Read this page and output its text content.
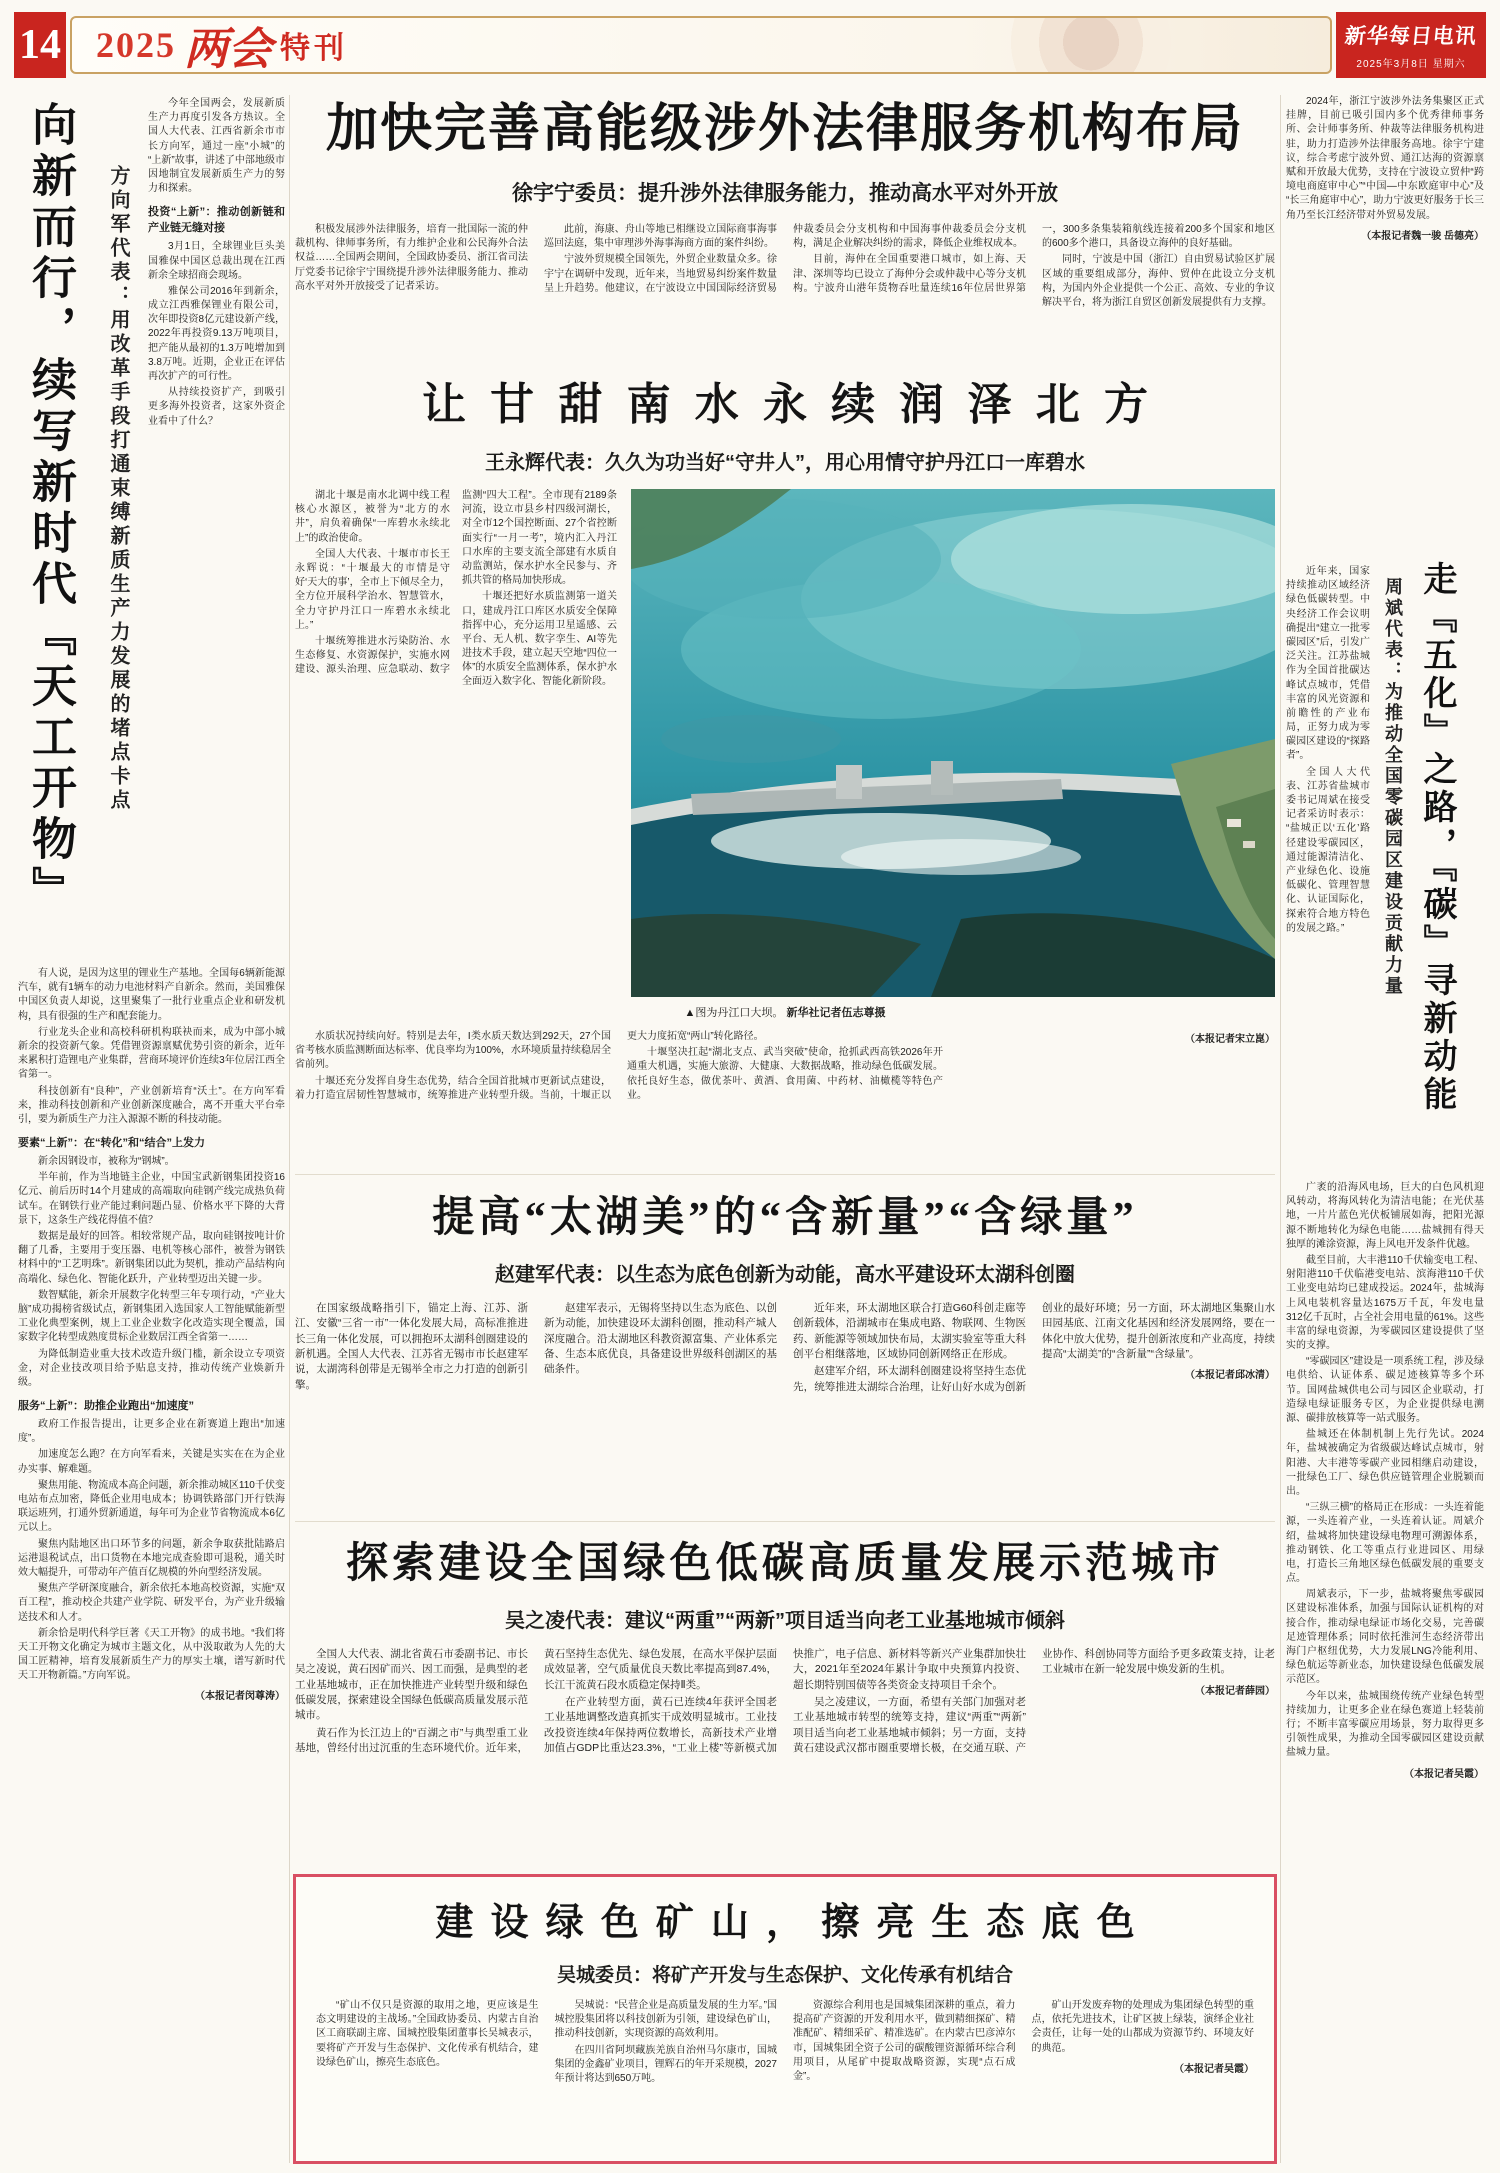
14 2025 两会 特刊	新华每日电讯
2025年3月8日 星期六
向新而行，续写新时代『天工开物』	方向军代表：用改革手段打通束缚新质生产力发展的堵点卡点

今年全国两会，发展新质生产力再度引发各方热议。全国人大代表、江西省新余市市长方向军，通过一座“小城”的“上新”故事，讲述了中部地级市因地制宜发展新质生产力的努力和探索。

投资“上新”：推动创新链和产业链无缝对接

3月1日，全球锂业巨头美国雅保中国区总裁出现在江西新余全球招商会现场。

雅保公司2016年到新余，成立江西雅保锂业有限公司，次年即投资8亿元建设新产线，2022年再投资9.13万吨项目，把产能从最初的1.3万吨增加到3.8万吨。近期，企业正在评估再次扩产的可行性。

从持续投资扩产，到吸引更多海外投资者，这家外资企业看中了什么？

有人说，是因为这里的锂业生产基地。全国每6辆新能源汽车，就有1辆车的动力电池材料产自新余。然而，美国雅保中国区负责人却说，这里聚集了一批行业重点企业和研发机构，具有很强的生产和配套能力。

行业龙头企业和高校科研机构联袂而来，成为中部小城新余的投资新气象。凭借锂资源禀赋优势引资的新余，近年来累积打造锂电产业集群，营商环境评价连续3年位居江西全省第一。

科技创新有“良种”，产业创新培育“沃土”。在方向军看来，推动科技创新和产业创新深度融合，离不开重大平台牵引，要为新质生产力注入源源不断的科技动能。

要素“上新”：在“转化”和“结合”上发力

新余因钢设市，被称为“钢城”。

半年前，作为当地链主企业，中国宝武新钢集团投资16亿元、前后历时14个月建成的高端取向硅钢产线完成热负荷试车。在钢铁行业产能过剩问题凸显、价格水平下降的大背景下，这条生产线花得值不值？

数据是最好的回答。相较常规产品，取向硅钢按吨计价翻了几番，主要用于变压器、电机等核心部件，被誉为钢铁材料中的“工艺明珠”。新钢集团以此为契机，推动产品结构向高端化、绿色化、智能化跃升，产业转型迈出关键一步。

数智赋能，新余开展数字化转型三年专项行动，“产业大脑”成功揭榜省级试点，新钢集团入选国家人工智能赋能新型工业化典型案例，规上工业企业数字化改造实现全覆盖，国家数字化转型成熟度贯标企业数居江西全省第一……

为降低制造业重大技术改造升级门槛，新余设立专项资金，对企业技改项目给予贴息支持，推动传统产业焕新升级。

服务“上新”：助推企业跑出“加速度”

政府工作报告提出，让更多企业在新赛道上跑出“加速度”。

加速度怎么跑？在方向军看来，关键是实实在在为企业办实事、解难题。

聚焦用能、物流成本高企问题，新余推动城区110千伏变电站布点加密，降低企业用电成本；协调铁路部门开行铁海联运班列，打通外贸新通道，每年可为企业节省物流成本6亿元以上。

聚焦内陆地区出口环节多的问题，新余争取获批陆路启运港退税试点，出口货物在本地完成查验即可退税，通关时效大幅提升，可带动年产值百亿规模的外向型经济发展。

聚焦产学研深度融合，新余依托本地高校资源，实施“双百工程”，推动校企共建产业学院、研发平台，为产业升级输送技术和人才。

新余恰是明代科学巨著《天工开物》的成书地。“我们将天工开物文化确定为城市主题文化，从中汲取敢为人先的大国工匠精神，培育发展新质生产力的厚实土壤，谱写新时代天工开物新篇。”方向军说。

（本报记者闵尊涛）

加快完善高能级涉外法律服务机构布局
徐宇宁委员：提升涉外法律服务能力，推动高水平对外开放

积极发展涉外法律服务，培育一批国际一流的仲裁机构、律师事务所，有力维护企业和公民海外合法权益……全国两会期间，全国政协委员、浙江省司法厅党委书记徐宇宁围绕提升涉外法律服务能力、推动高水平对外开放接受了记者采访。

此前，海康、舟山等地已相继设立国际商事海事巡回法庭，集中审理涉外海事海商方面的案件纠纷。

宁波外贸规模全国领先，外贸企业数量众多。徐宇宁在调研中发现，近年来，当地贸易纠纷案件数量呈上升趋势。他建议，在宁波设立中国国际经济贸易仲裁委员会分支机构和中国海事仲裁委员会分支机构，满足企业解决纠纷的需求，降低企业维权成本。

目前，海仲在全国重要港口城市，如上海、天津、深圳等均已设立了海仲分会或仲裁中心等分支机构。宁波舟山港年货物吞吐量连续16年位居世界第一，300多条集装箱航线连接着200多个国家和地区的600多个港口，具备设立海仲的良好基础。

同时，宁波是中国（浙江）自由贸易试验区扩展区域的重要组成部分，海仲、贸仲在此设立分支机构，为国内外企业提供一个公正、高效、专业的争议解决平台，将为浙江自贸区创新发展提供有力支撑。

让甘甜南水永续润泽北方
王永辉代表：久久为功当好“守井人”，用心用情守护丹江口一库碧水

湖北十堰是南水北调中线工程核心水源区，被誉为“北方的水井”，肩负着确保“一库碧水永续北上”的政治使命。

全国人大代表、十堰市市长王永辉说：“十堰最大的市情是守好‘天大的事’，全市上下倾尽全力，全方位开展科学治水、智慧管水，全力守护丹江口一库碧水永续北上。”

十堰统筹推进水污染防治、水生态修复、水资源保护，实施水网建设、源头治理、应急联动、数字监测“四大工程”。全市现有2189条河流，设立市县乡村四级河湖长，对全市12个国控断面、27个省控断面实行“一月一考”，境内汇入丹江口水库的主要支流全部建有水质自动监测站，保水护水全民参与、齐抓共管的格局加快形成。

十堰还把好水质监测第一道关口，建成丹江口库区水质安全保障指挥中心，充分运用卫星遥感、云平台、无人机、数字孪生、AI等先进技术手段，建立起天空地“四位一体”的水质安全监测体系，保水护水全面迈入数字化、智能化新阶段。

▲图为丹江口大坝。 新华社记者伍志尊摄

水质状况持续向好。特别是去年，Ⅰ类水质天数达到292天，27个国省考核水质监测断面达标率、优良率均为100%，水环境质量持续稳居全省前列。

十堰还充分发挥自身生态优势，结合全国首批城市更新试点建设，着力打造宜居韧性智慧城市，统筹推进产业转型升级。当前，十堰正以更大力度拓宽“两山”转化路径。

十堰坚决扛起“湖北支点、武当突破”使命，抢抓武西高铁2026年开通重大机遇，实施大旅游、大健康、大数据战略，推动绿色低碳发展。依托良好生态，做优茶叶、黄酒、食用菌、中药材、油橄榄等特色产业。

（本报记者宋立崑）

提高“太湖美”的“含新量”“含绿量”
赵建军代表：以生态为底色创新为动能，高水平建设环太湖科创圈

在国家级战略指引下，锚定上海、江苏、浙江、安徽“三省一市”一体化发展大局，高标准推进长三角一体化发展，可以拥抱环太湖科创圈建设的新机遇。全国人大代表、江苏省无锡市市长赵建军说，太湖湾科创带是无锡举全市之力打造的创新引擎。

赵建军表示，无锡将坚持以生态为底色、以创新为动能，加快建设环太湖科创圈，推动科产城人深度融合。沿太湖地区科教资源富集、产业体系完备、生态本底优良，具备建设世界级科创湖区的基础条件。

近年来，环太湖地区联合打造G60科创走廊等创新载体，沿湖城市在集成电路、物联网、生物医药、新能源等领域加快布局，太湖实验室等重大科创平台相继落地，区域协同创新网络正在形成。

赵建军介绍，环太湖科创圈建设将坚持生态优先，统筹推进太湖综合治理，让好山好水成为创新创业的最好环境；另一方面，环太湖地区集聚山水田园基底、江南文化基因和经济发展网络，要在一体化中放大优势，提升创新浓度和产业高度，持续提高“太湖美”的“含新量”“含绿量”。

（本报记者邱冰清）

探索建设全国绿色低碳高质量发展示范城市
吴之凌代表：建议“两重”“两新”项目适当向老工业基地城市倾斜

全国人大代表、湖北省黄石市委副书记、市长吴之凌说，黄石因矿而兴、因工而强，是典型的老工业基地城市，正在加快推进产业转型升级和绿色低碳发展，探索建设全国绿色低碳高质量发展示范城市。

黄石作为长江边上的“百湖之市”与典型重工业基地，曾经付出过沉重的生态环境代价。近年来，黄石坚持生态优先、绿色发展，在高水平保护层面成效显著，空气质量优良天数比率提高到87.4%，长江干流黄石段水质稳定保持Ⅱ类。

在产业转型方面，黄石已连续4年获评全国老工业基地调整改造真抓实干成效明显城市。工业技改投资连续4年保持两位数增长，高新技术产业增加值占GDP比重达23.3%，“工业上楼”等新模式加快推广，电子信息、新材料等新兴产业集群加快壮大，2021年至2024年累计争取中央预算内投资、超长期特别国债等各类资金支持项目千余个。

吴之凌建议，一方面，希望有关部门加强对老工业基地城市转型的统筹支持，建议“两重”“两新”项目适当向老工业基地城市倾斜；另一方面，支持黄石建设武汉都市圈重要增长极，在交通互联、产业协作、科创协同等方面给予更多政策支持，让老工业城市在新一轮发展中焕发新的生机。

（本报记者薛园）

建设绿色矿山，擦亮生态底色
吴城委员：将矿产开发与生态保护、文化传承有机结合

“矿山不仅只是资源的取用之地，更应该是生态文明建设的主战场。”全国政协委员、内蒙古自治区工商联副主席、国城控股集团董事长吴城表示，要将矿产开发与生态保护、文化传承有机结合，建设绿色矿山，擦亮生态底色。

吴城说：“民营企业是高质量发展的生力军。”国城控股集团将以科技创新为引领，建设绿色矿山，推动科技创新，实现资源的高效利用。

在四川省阿坝藏族羌族自治州马尔康市，国城集团的金鑫矿业项目，锂辉石的年开采规模，2027年预计将达到650万吨。

资源综合利用也是国城集团深耕的重点，着力提高矿产资源的开发利用水平，做到精细探矿、精准配矿、精细采矿、精准选矿。在内蒙古巴彦淖尔市，国城集团全资子公司的碳酸锂资源循环综合利用项目，从尾矿中提取战略资源，实现“点石成金”。

矿山开发废弃物的处理成为集团绿色转型的重点，依托先进技术，让矿区披上绿装，演绎企业社会责任，让每一处的山都成为资源节约、环境友好的典范。

（本报记者吴霞）

2024年，浙江宁波涉外法务集聚区正式挂牌，目前已吸引国内多个优秀律师事务所、会计师事务所、仲裁等法律服务机构进驻，助力打造涉外法律服务高地。徐宇宁建议，综合考虑宁波外贸、通江达海的资源禀赋和开放最大优势，支持在宁波设立贸仲“跨境电商庭审中心”“中国—中东欧庭审中心”及“长三角庭审中心”，助力宁波更好服务于长三角乃至长江经济带对外贸易发展。

（本报记者魏一骏 岳德亮）

近年来，国家持续推动区域经济绿色低碳转型。中央经济工作会议明确提出“建立一批零碳园区”后，引发广泛关注。江苏盐城作为全国首批碳达峰试点城市，凭借丰富的风光资源和前瞻性的产业布局，正努力成为零碳园区建设的“探路者”。

全国人大代表、江苏省盐城市委书记周斌在接受记者采访时表示：“盐城正以‘五化’路径建设零碳园区，通过能源清洁化、产业绿色化、设施低碳化、管理智慧化、认证国际化，探索符合地方特色的发展之路。”	周斌代表：为推动全国零碳园区建设贡献力量 走『五化』之路，『碳』寻新动能

广袤的沿海风电场，巨大的白色风机迎风转动，将海风转化为清洁电能；在光伏基地，一片片蓝色光伏板铺展如海，把阳光源源不断地转化为绿色电能……盐城拥有得天独厚的滩涂资源，海上风电开发条件优越。

截至目前，大丰港110千伏输变电工程、射阳港110千伏临港变电站、滨海港110千伏工业变电站均已建成投运。2024年，盐城海上风电装机容量达1675万千瓦，年发电量312亿千瓦时，占全社会用电量的61%。这些丰富的绿电资源，为零碳园区建设提供了坚实的支撑。

“零碳园区”建设是一项系统工程，涉及绿电供给、认证体系、碳足迹核算等多个环节。国网盐城供电公司与园区企业联动，打造绿电绿证服务专区，为企业提供绿电溯源、碳排放核算等一站式服务。

盐城还在体制机制上先行先试。2024年，盐城被确定为省级碳达峰试点城市，射阳港、大丰港等零碳产业园相继启动建设，一批绿色工厂、绿色供应链管理企业脱颖而出。

“三纵三横”的格局正在形成：一头连着能源，一头连着产业，一头连着认证。周斌介绍，盐城将加快建设绿电物理可溯源体系，推动钢铁、化工等重点行业进园区、用绿电，打造长三角地区绿色低碳发展的重要支点。

周斌表示，下一步，盐城将聚焦零碳园区建设标准体系，加强与国际认证机构的对接合作，推动绿电绿证市场化交易，完善碳足迹管理体系；同时依托淮河生态经济带出海门户枢纽优势，大力发展LNG冷能利用、绿色航运等新业态，加快建设绿色低碳发展示范区。

今年以来，盐城围绕传统产业绿色转型持续加力，让更多企业在绿色赛道上轻装前行；不断丰富零碳应用场景，努力取得更多引领性成果，为推动全国零碳园区建设贡献盐城力量。

（本报记者吴霞）
